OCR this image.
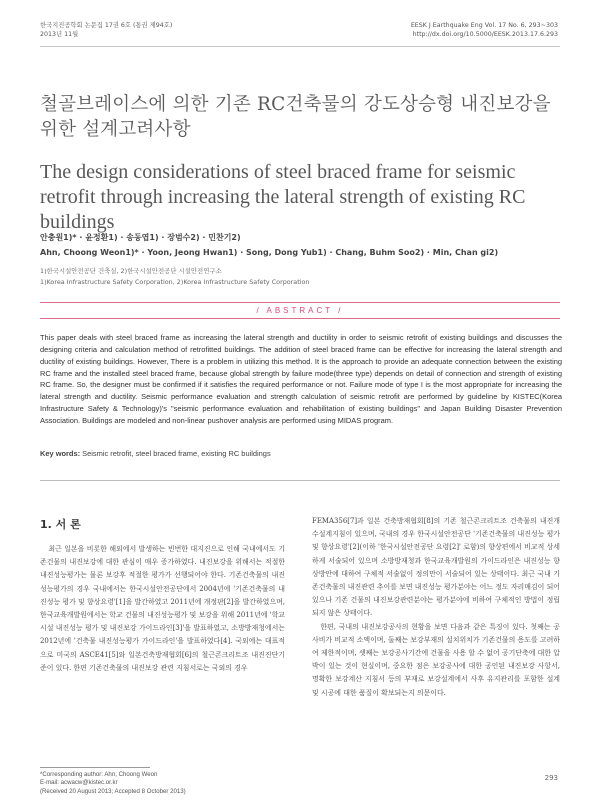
한국지진공학회 논문집 17권 6호 (통권 제94호)
2013년 11월
EESK J Earthquake Eng Vol. 17 No. 6, 293~303
http://dx.doi.org/10.5000/EESK.2013.17.6.293
철골브레이스에 의한 기존 RC건축물의 강도상승형 내진보강을 위한 설계고려사항
The design considerations of steel braced frame for seismic retrofit through increasing the lateral strength of existing RC buildings
안충원1)* · 윤정환1) · 송동엽1) · 장범수2) · 민찬기2)
Ahn, Choong Weon1)* · Yoon, Jeong Hwan1) · Song, Dong Yub1) · Chang, Buhm Soo2) · Min, Chan gi2)
1)한국시설안전공단 건축실, 2)한국시설안전공단 시설안전연구소
1)Korea Infrastructure Safety Corporation, 2)Korea Infrastructure Safety Corporation
/ ABSTRACT /
This paper deals with steel braced frame as increasing the lateral strength and ductility in order to seismic retrofit of existing buildings and discusses the designing criteria and calculation method of retrofitted buildings. The addition of steel braced frame can be effective for increasing the lateral strength and ductility of existing buildings. However, There is a problem in utilizing this method. It is the approach to provide an adequate connection between the existing RC frame and the installed steel braced frame, because global strength by failure mode(three type) depends on detail of connection and strength of existing RC frame. So, the designer must be confirmed if it satisfies the required performance or not. Failure mode of type I is the most appropriate for increasing the lateral strength and ductility. Seismic performance evaluation and strength calculation of seismic retrofit are performed by guideline by KISTEC(Korea Infrastructure Safety & Technology)'s "seismic performance evaluation and rehabilitation of existing buildings" and Japan Building Disaster Prevention Association. Buildings are modeled and non-linear pushover analysis are performed using MIDAS program.
Key words: Seismic retrofit, steel braced frame, existing RC buildings
1. 서 론

최근 일본을 비롯한 해외에서 발생하는 빈번한 대지진으로 인해 국내에서도 기존건물의 내진보강에 대한 관심이 매우 증가하였다. 내진보강을 위해서는 적절한 내진성능평가는 물론 보강후 적절한 평가가 선행되어야 한다. 기존건축물의 내진성능평가의 경우 국내에서는 한국시설안전공단에서 2004년에 '기존건축물의 내진성능 평가 및 향상요령'[1]을 발간하였고 2011년에 개정판[2]을 발간하였으며, 한국교육개발원에서는 학교 건물의 내진성능평가 및 보강을 위해 2011년에 '학교시설 내진성능 평가 및 내진보강 가이드라인[3]'을 발표하였고, 소방방재청에서는 2012년에 '건축물 내진성능평가 가이드라인'을 발표하였다[4]. 국외에는 대표적으로 미국의 ASCE41[5]와 일본건축방재협회[6]의 철근콘크리트조 내진진단기준이 있다. 한편 기존건축물의 내진보강 관련 지침서로는 국외의 경우

FEMA356[7]과 일본 건축방재협회[8]의 기존 철근콘크리트조 건축물의 내진개수설계지침이 있으며, 국내의 경우 한국시설안전공단 '기존건축물의 내진성능 평가 및 향상요령'[2](이하 '한국시설안전공단 요령[2]' 로함)의 향상편에서 비교적 상세하게 서술되어 있으며 소방방재청과 한국교육개발원의 가이드라인은 내진성능 향상방안에 대하여 구체적 서술없이 정의만이 서술되어 있는 상태이다. 최근 국내 기존건축물의 내진관련 추이를 보면 내진성능 평가분야는 어느 정도 자리매김이 되어 있으나 기존 건물의 내진보강관련분야는 평가분야에 비하여 구체적인 방법이 정립되지 않은 상태이다.

한편, 국내의 내진보강공사의 현황을 보면 다음과 같은 특징이 있다. 첫째는 공사비가 비교적 소액이며, 둘째는 보강부재의 설치위치가 기존건물의 용도를 고려하여 제한적이며, 셋째는 보강공사기간에 건물을 사용 할 수 없어 공기단축에 대한 압박이 있는 것이 현실이며, 중요한 점은 보강공사에 대한 공인된 내진보강 사항서, 명확한 보강계산 지침서 등의 부재로 보강설계에서 사후 유지관리를 포함한 설계 및 시공에 대한 품질이 확보되는지 의문이다.

*Corresponding author: Ahn, Choong Weon
E-mail: acwacw@kistec.or.kr
(Received 20 August 2013; Accepted 8 October 2013)
293
